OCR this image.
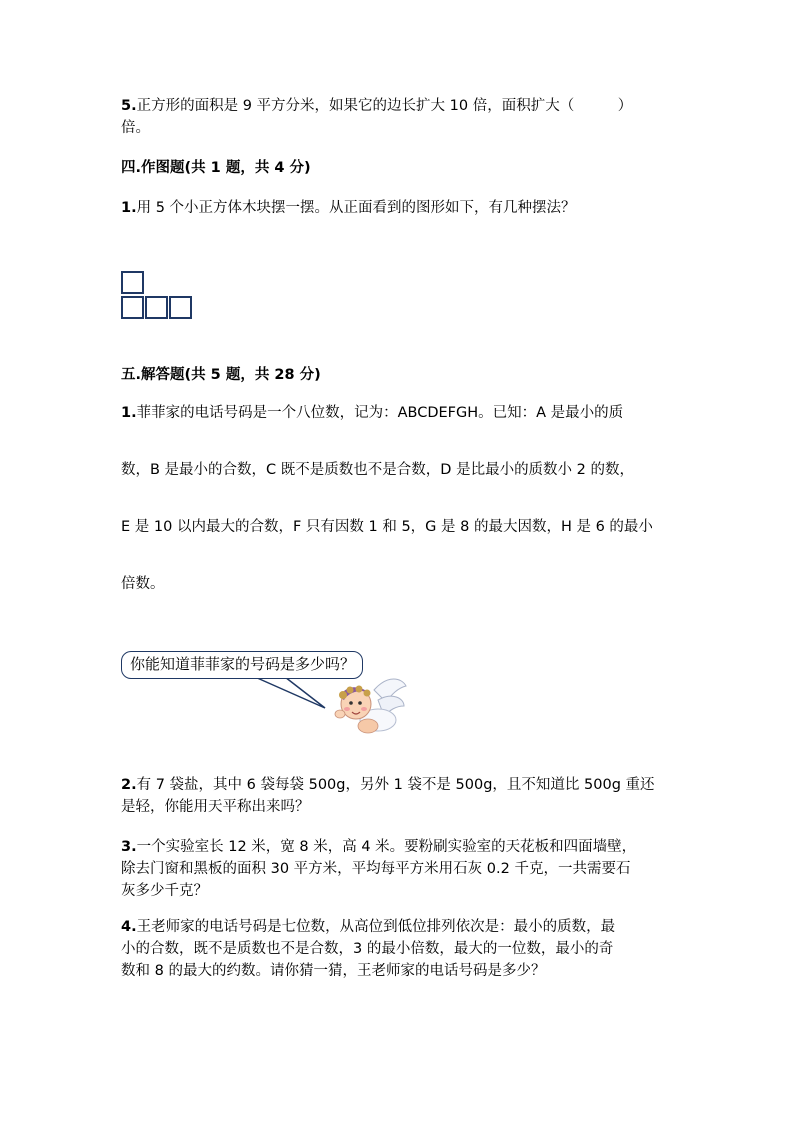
5.正方形的面积是 9 平方分米，如果它的边长扩大 10 倍，面积扩大（　　　）
倍。
四.作图题(共 1 题，共 4 分)
1.用 5 个小正方体木块摆一摆。从正面看到的图形如下，有几种摆法？
五.解答题(共 5 题，共 28 分)
1.菲菲家的电话号码是一个八位数，记为：ABCDEFGH。已知：A 是最小的质
数，B 是最小的合数，C 既不是质数也不是合数，D 是比最小的质数小 2 的数，
E 是 10 以内最大的合数，F 只有因数 1 和 5，G 是 8 的最大因数，H 是 6 的最小
倍数。
你能知道菲菲家的号码是多少吗？
2.有 7 袋盐，其中 6 袋每袋 500g，另外 1 袋不是 500g，且不知道比 500g 重还
是轻，你能用天平称出来吗？
3.一个实验室长 12 米，宽 8 米，高 4 米。要粉刷实验室的天花板和四面墙壁，
除去门窗和黑板的面积 30 平方米，平均每平方米用石灰 0.2 千克，一共需要石
灰多少千克？
4.王老师家的电话号码是七位数，从高位到低位排列依次是：最小的质数，最
小的合数，既不是质数也不是合数，3 的最小倍数，最大的一位数，最小的奇
数和 8 的最大的约数。请你猜一猜，王老师家的电话号码是多少？
